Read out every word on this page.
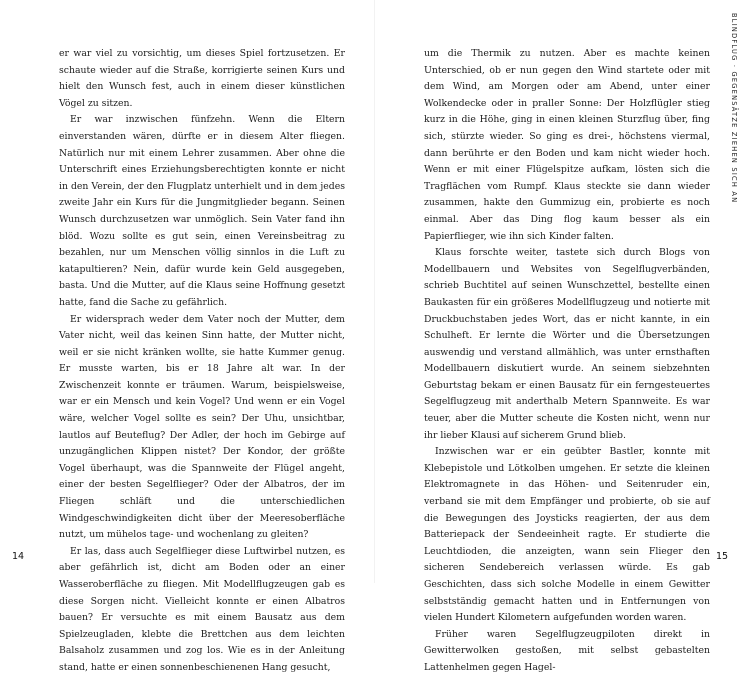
er war viel zu vorsichtig, um dieses Spiel fortzusetzen. Er schaute wieder auf die Straße, korrigierte seinen Kurs und hielt den Wunsch fest, auch in einem dieser künstlichen Vögel zu sitzen.

Er war inzwischen fünfzehn. Wenn die Eltern einverstanden wären, dürfte er in diesem Alter fliegen. Natürlich nur mit einem Lehrer zusammen. Aber ohne die Unterschrift eines Erziehungsberechtigten konnte er nicht in den Verein, der den Flugplatz unterhielt und in dem jedes zweite Jahr ein Kurs für die Jungmitglieder begann. Seinen Wunsch durchzusetzen war unmöglich. Sein Vater fand ihn blöd. Wozu sollte es gut sein, einen Vereinsbeitrag zu bezahlen, nur um Menschen völlig sinnlos in die Luft zu katapultieren? Nein, dafür wurde kein Geld ausgegeben, basta. Und die Mutter, auf die Klaus seine Hoffnung gesetzt hatte, fand die Sache zu gefährlich.

Er widersprach weder dem Vater noch der Mutter, dem Vater nicht, weil das keinen Sinn hatte, der Mutter nicht, weil er sie nicht kränken wollte, sie hatte Kummer genug. Er musste warten, bis er 18 Jahre alt war. In der Zwischenzeit konnte er träumen. Warum, beispielsweise, war er ein Mensch und kein Vogel? Und wenn er ein Vogel wäre, welcher Vogel sollte es sein? Der Uhu, unsichtbar, lautlos auf Beuteflug? Der Adler, der hoch im Gebirge auf unzugänglichen Klippen nistet? Der Kondor, der größte Vogel überhaupt, was die Spannweite der Flügel angeht, einer der besten Segelflieger? Oder der Albatros, der im Fliegen schläft und die unterschiedlichen Windgeschwindigkeiten dicht über der Meeresoberfläche nutzt, um mühelos tage- und wochenlang zu gleiten?

Er las, dass auch Segelflieger diese Luftwirbel nutzen, es aber gefährlich ist, dicht am Boden oder an einer Wasseroberfläche zu fliegen. Mit Modellflugzeugen gab es diese Sorgen nicht. Vielleicht konnte er einen Albatros bauen? Er versuchte es mit einem Bausatz aus dem Spielzeugladen, klebte die Brettchen aus dem leichten Balsaholz zusammen und zog los. Wie es in der Anleitung stand, hatte er einen sonnenbeschienenen Hang gesucht,

14

um die Thermik zu nutzen. Aber es machte keinen Unterschied, ob er nun gegen den Wind startete oder mit dem Wind, am Morgen oder am Abend, unter einer Wolkendecke oder in praller Sonne: Der Holzflügler stieg kurz in die Höhe, ging in einen kleinen Sturzflug über, fing sich, stürzte wieder. So ging es drei-, höchstens viermal, dann berührte er den Boden und kam nicht wieder hoch. Wenn er mit einer Flügelspitze aufkam, lösten sich die Tragflächen vom Rumpf. Klaus steckte sie dann wieder zusammen, hakte den Gummizug ein, probierte es noch einmal. Aber das Ding flog kaum besser als ein Papierflieger, wie ihn sich Kinder falten.

Klaus forschte weiter, tastete sich durch Blogs von Modellbauern und Websites von Segelflugverbänden, schrieb Buchtitel auf seinen Wunschzettel, bestellte einen Baukasten für ein größeres Modellflugzeug und notierte mit Druckbuchstaben jedes Wort, das er nicht kannte, in ein Schulheft. Er lernte die Wörter und die Übersetzungen auswendig und verstand allmählich, was unter ernsthaften Modellbauern diskutiert wurde. An seinem siebzehnten Geburtstag bekam er einen Bausatz für ein ferngesteuertes Segelflugzeug mit anderthalb Metern Spannweite. Es war teuer, aber die Mutter scheute die Kosten nicht, wenn nur ihr lieber Klausi auf sicherem Grund blieb.

Inzwischen war er ein geübter Bastler, konnte mit Klebepistole und Lötkolben umgehen. Er setzte die kleinen Elektromagnete in das Höhen- und Seitenruder ein, verband sie mit dem Empfänger und probierte, ob sie auf die Bewegungen des Joysticks reagierten, der aus dem Batteriepack der Sendeeinheit ragte. Er studierte die Leuchtdioden, die anzeigten, wann sein Flieger den sicheren Sendebereich verlassen würde. Es gab Geschichten, dass sich solche Modelle in einem Gewitter selbstständig gemacht hatten und in Entfernungen von vielen Hundert Kilometern aufgefunden worden waren.

Früher waren Segelflugzeugpiloten direkt in Gewitterwolken gestoßen, mit selbst gebastelten Lattenhelmen gegen Hagel-

15
BLINDFLUG · GEGENSÄTZE ZIEHEN SICH AN
